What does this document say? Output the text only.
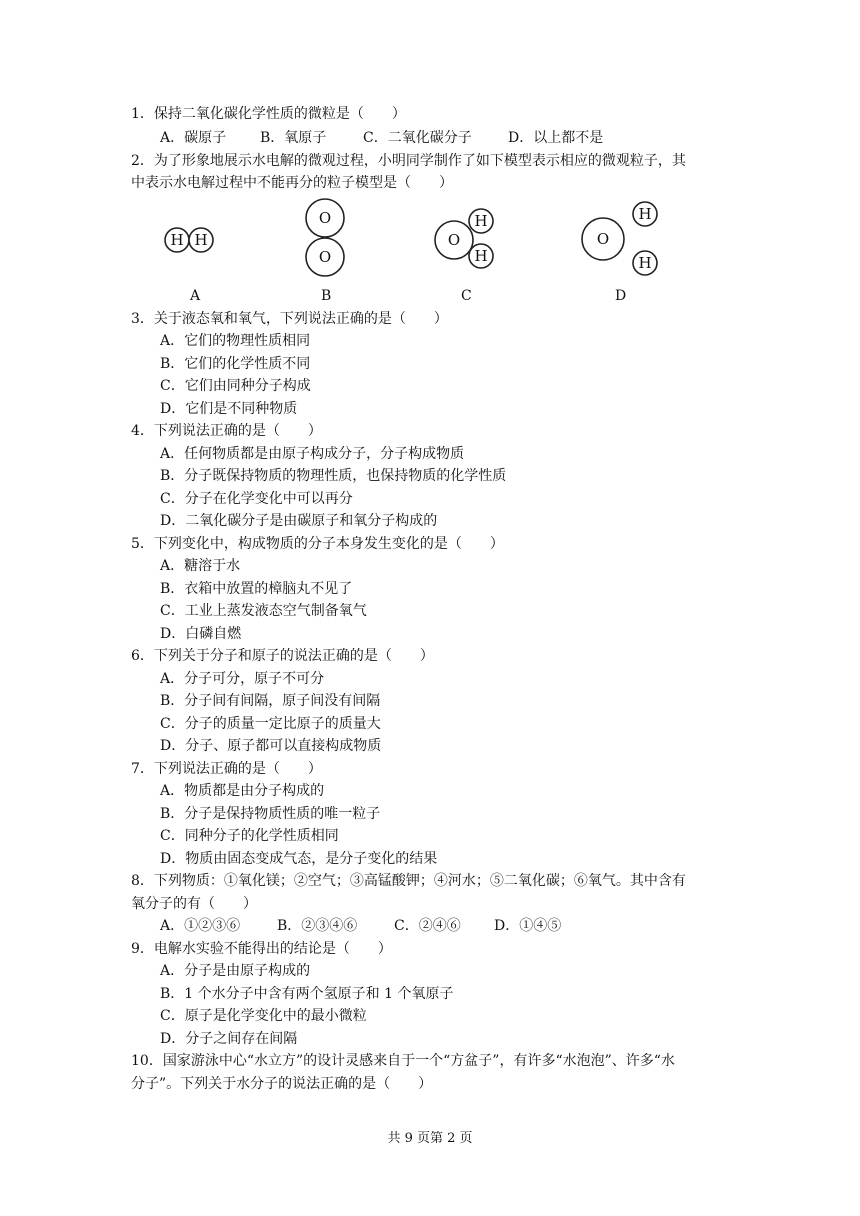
1．保持二氧化碳化学性质的微粒是（　　）
A．碳原子 B．氧原子	C．二氧化碳分子	D．以上都不是
2．为了形象地展示水电解的微观过程，小明同学制作了如下模型表示相应的微观粒子，其
中表示水电解过程中不能再分的粒子模型是（　　）
H H
O
O
O
H
H
O
H
H
A	B	C	D
3．关于液态氧和氧气，下列说法正确的是（　　）
A．它们的物理性质相同
B．它们的化学性质不同
C．它们由同种分子构成
D．它们是不同种物质
4．下列说法正确的是（　　）
A．任何物质都是由原子构成分子，分子构成物质
B．分子既保持物质的物理性质，也保持物质的化学性质
C．分子在化学变化中可以再分
D．二氧化碳分子是由碳原子和氧分子构成的
5．下列变化中，构成物质的分子本身发生变化的是（　　）
A．糖溶于水
B．衣箱中放置的樟脑丸不见了
C．工业上蒸发液态空气制备氧气
D．白磷自燃
6．下列关于分子和原子的说法正确的是（　　）
A．分子可分，原子不可分
B．分子间有间隔，原子间没有间隔
C．分子的质量一定比原子的质量大
D．分子、原子都可以直接构成物质
7．下列说法正确的是（　　）
A．物质都是由分子构成的
B．分子是保持物质性质的唯一粒子
C．同种分子的化学性质相同
D．物质由固态变成气态，是分子变化的结果
8．下列物质：①氧化镁；②空气；③高锰酸钾；④河水；⑤二氧化碳；⑥氧气。其中含有
氧分子的有（　　）
A．①②③⑥	B．②③④⑥	C．②④⑥ D．①④⑤
9．电解水实验不能得出的结论是（　　）
A．分子是由原子构成的
B．1 个水分子中含有两个氢原子和 1 个氧原子
C．原子是化学变化中的最小微粒
D．分子之间存在间隔
10．国家游泳中心“水立方”的设计灵感来自于一个“方盆子”，有许多“水泡泡”、许多“水
分子”。下列关于水分子的说法正确的是（　　）
共 9 页第 2 页
